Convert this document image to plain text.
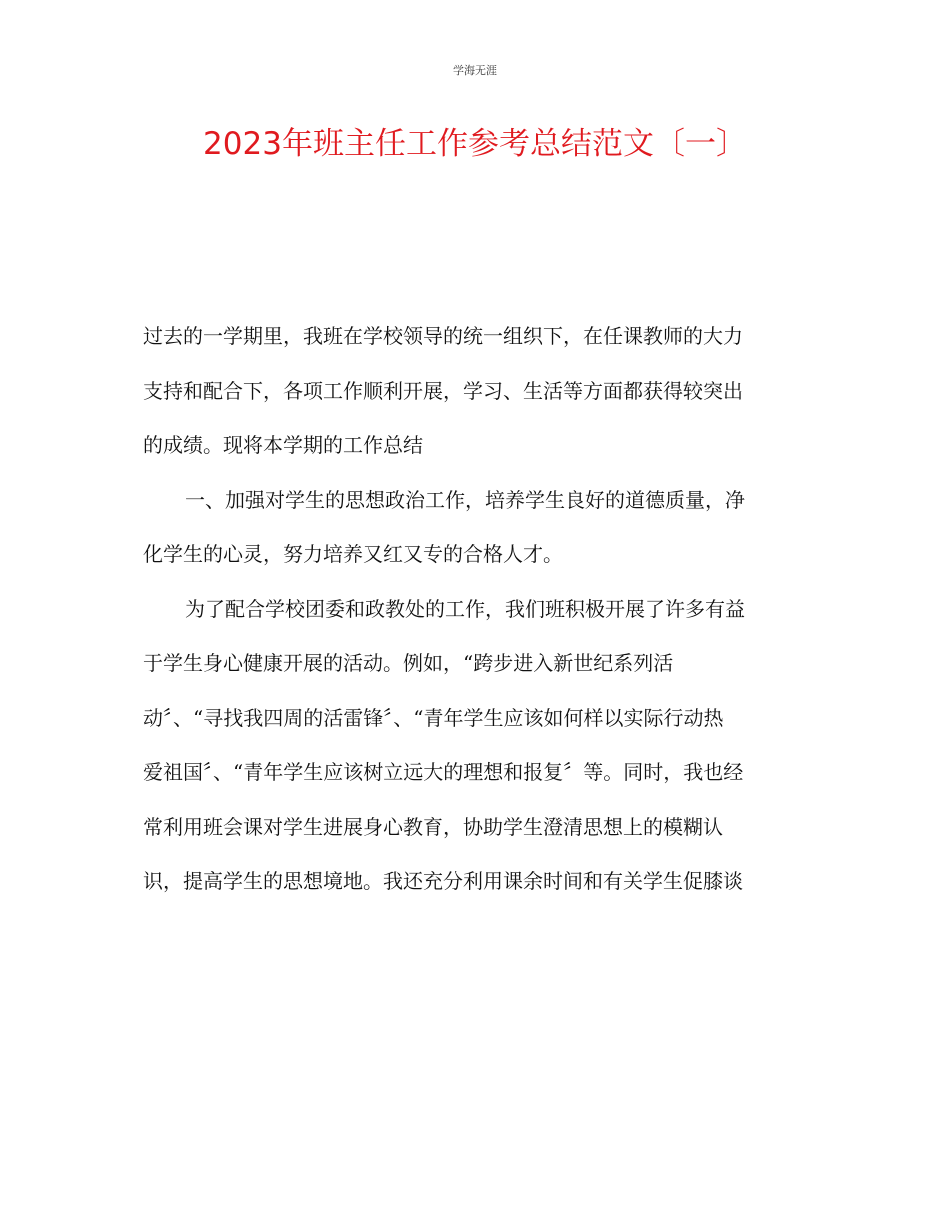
学海无涯
2023年班主任工作参考总结范文〔一〕
过去的一学期里，我班在学校领导的统一组织下，在任课教师的大力
支持和配合下，各项工作顺利开展，学习、生活等方面都获得较突出
的成绩。现将本学期的工作总结
一、加强对学生的思想政治工作，培养学生良好的道德质量，净
化学生的心灵，努力培养又红又专的合格人才。
为了配合学校团委和政教处的工作，我们班积极开展了许多有益
于学生身心健康开展的活动。例如，“跨步进入新世纪系列活
动〞、“寻找我四周的活雷锋〞、“青年学生应该如何样以实际行动热
爱祖国〞、“青年学生应该树立远大的理想和报复〞等。同时，我也经
常利用班会课对学生进展身心教育，协助学生澄清思想上的模糊认
识，提高学生的思想境地。我还充分利用课余时间和有关学生促膝谈
